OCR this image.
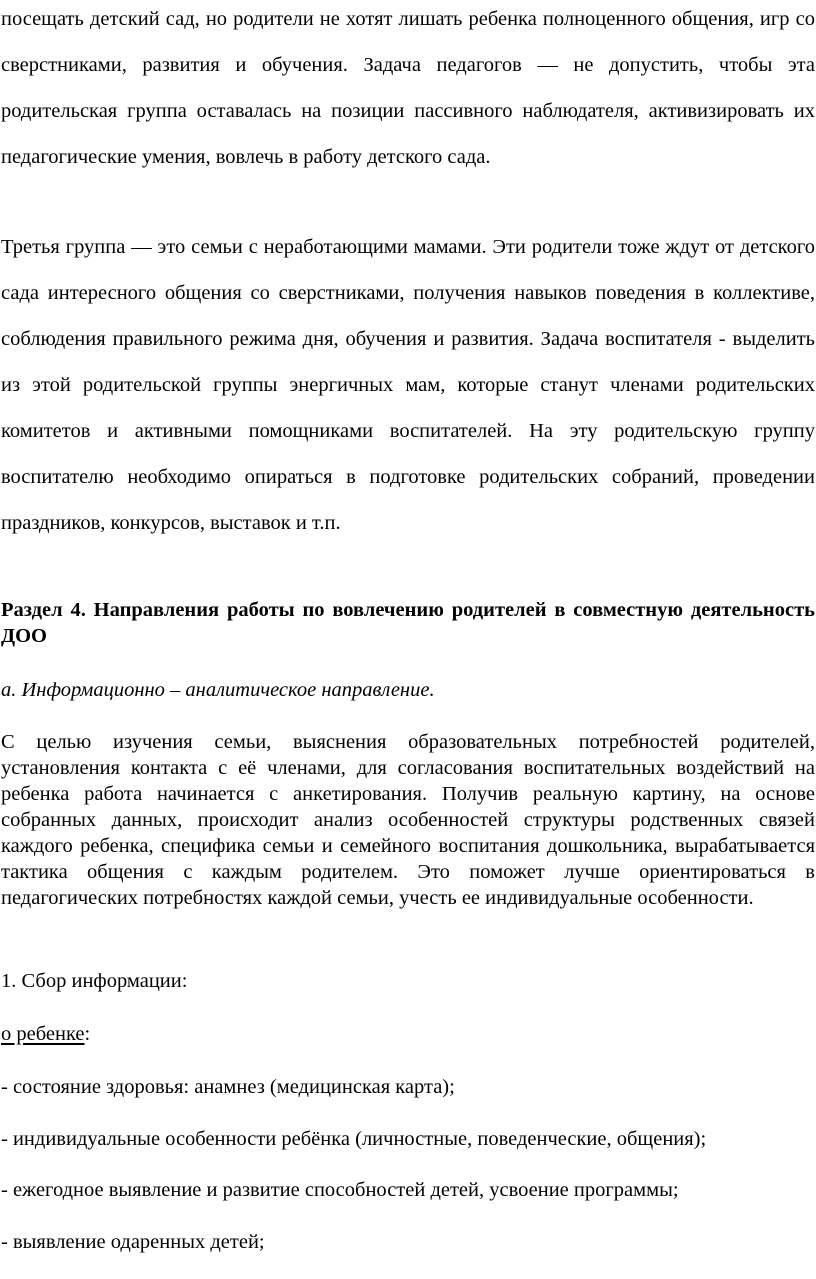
посещать детский сад, но родители не хотят лишать ребенка полноценного общения, игр со сверстниками, развития и обучения. Задача педагогов — не допустить, чтобы эта родительская группа оставалась на позиции пассивного наблюдателя, активизировать их педагогические умения, вовлечь в работу детского сада.

Третья группа — это семьи с неработающими мамами. Эти родители тоже ждут от детского сада интересного общения со сверстниками, получения навыков поведения в коллективе, соблюдения правильного режима дня, обучения и развития. Задача воспитателя - выделить из этой родительской группы энергичных мам, которые станут членами родительских комитетов и активными помощниками воспитателей. На эту родительскую группу воспитателю необходимо опираться в подготовке родительских собраний, проведении праздников, конкурсов, выставок и т.п.

Раздел 4. Направления работы по вовлечению родителей в совместную деятельность ДОО

а. Информационно – аналитическое направление.

С целью изучения семьи, выяснения образовательных потребностей родителей, установления контакта с её членами, для согласования воспитательных воздействий на ребенка работа начинается с анкетирования. Получив реальную картину, на основе собранных данных, происходит анализ особенностей структуры родственных связей каждого ребенка, специфика семьи и семейного воспитания дошкольника, вырабатывается тактика общения с каждым родителем. Это поможет лучше ориентироваться в педагогических потребностях каждой семьи, учесть ее индивидуальные особенности.

1. Сбор информации:

о ребенке:

- состояние здоровья: анамнез (медицинская карта);

- индивидуальные особенности ребёнка (личностные, поведенческие, общения);

- ежегодное выявление и развитие способностей детей, усвоение программы;

- выявление одаренных детей;
